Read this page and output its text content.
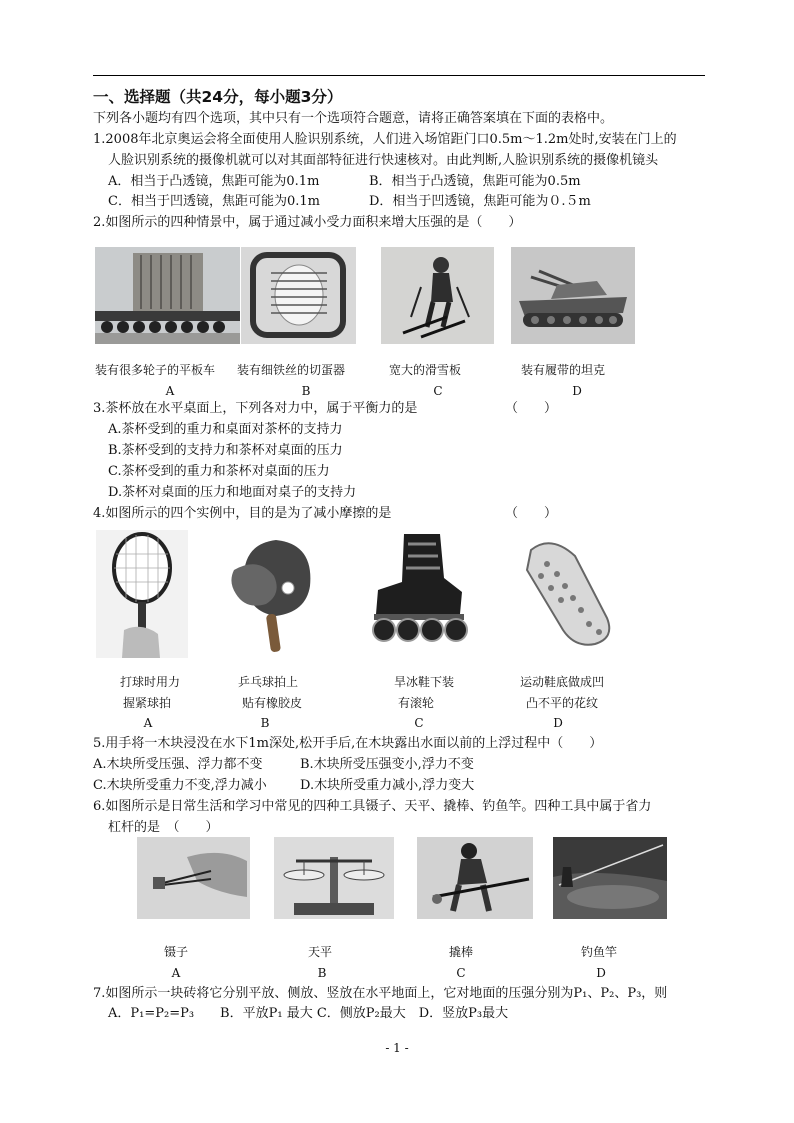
一、选择题（共24分，每小题3分）
下列各小题均有四个选项，其中只有一个选项符合题意，请将正确答案填在下面的表格中。
1.2008年北京奥运会将全面使用人脸识别系统，人们进入场馆距门口0.5m～1.2m处时,安装在门上的
人脸识别系统的摄像机就可以对其面部特征进行快速核对。由此判断,人脸识别系统的摄像机镜头
A．相当于凸透镜，焦距可能为0.1m	B．相当于凸透镜，焦距可能为0.5m
C．相当于凹透镜，焦距可能为0.1m	D．相当于凹透镜，焦距可能为０.５m
2.如图所示的四种情景中，属于通过减小受力面积来增大压强的是（　　）
装有很多轮子的平板车 装有细铁丝的切蛋器	宽大的滑雪板	装有履带的坦克
A	B	C	D
3.茶杯放在水平桌面上，下列各对力中，属于平衡力的是	（　　）
A.茶杯受到的重力和桌面对茶杯的支持力
B.茶杯受到的支持力和茶杯对桌面的压力
C.茶杯受到的重力和茶杯对桌面的压力
D.茶杯对桌面的压力和地面对桌子的支持力
4.如图所示的四个实例中，目的是为了减小摩擦的是	（　　）
打球时用力	乒乓球拍上	旱冰鞋下装	运动鞋底做成凹
握紧球拍	贴有橡胶皮	有滚轮	凸不平的花纹
A	B	C	D
5.用手将一木块浸没在水下1m深处,松开手后,在木块露出水面以前的上浮过程中（　　）
A.木块所受压强、浮力都不变	B.木块所受压强变小,浮力不变
C.木块所受重力不变,浮力减小	D.木块所受重力减小,浮力变大
6.如图所示是日常生活和学习中常见的四种工具镊子、天平、撬棒、钓鱼竿。四种工具中属于省力
杠杆的是　（　　）
镊子	天平	撬棒	钓鱼竿
A	B	C	D
7.如图所示一块砖将它分别平放、侧放、竖放在水平地面上，它对地面的压强分别为P₁、P₂、P₃，则
A．P₁=P₂=P₃　　B．平放P₁ 最大 C．侧放P₂最大　D．竖放P₃最大
- 1 -
